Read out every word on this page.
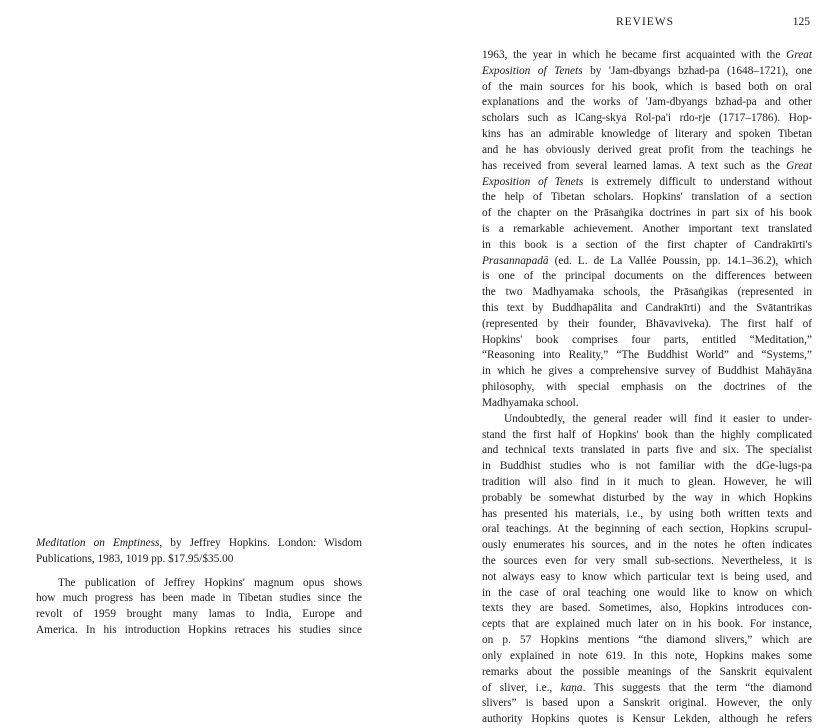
REVIEWS	125
1963, the year in which he became first acquainted with the Great
Exposition of Tenets by 'Jam-dbyangs bzhad-pa (1648–1721), one
of the main sources for his book, which is based both on oral
explanations and the works of 'Jam-dbyangs bzhad-pa and other
scholars such as lCang-skya Rol-pa'i rdo-rje (1717–1786). Hop-
kins has an admirable knowledge of literary and spoken Tibetan
and he has obviously derived great profit from the teachings he
has received from several learned lamas. A text such as the Great
Exposition of Tenets is extremely difficult to understand without
the help of Tibetan scholars. Hopkins' translation of a section
of the chapter on the Prāsaṅgika doctrines in part six of his book
is a remarkable achievement. Another important text translated
in this book is a section of the first chapter of Candrakīrti's
Prasannapadā (ed. L. de La Vallée Poussin, pp. 14.1–36.2), which
is one of the principal documents on the differences between
the two Madhyamaka schools, the Prāsaṅgikas (represented in
this text by Buddhapālita and Candrakīrti) and the Svātantrikas
(represented by their founder, Bhāvaviveka). The first half of
Hopkins' book comprises four parts, entitled “Meditation,”
“Reasoning into Reality,” “The Buddhist World” and “Systems,”
in which he gives a comprehensive survey of Buddhist Mahāyāna
philosophy, with special emphasis on the doctrines of the
Madhyamaka school.
Undoubtedly, the general reader will find it easier to under-
stand the first half of Hopkins' book than the highly complicated
and technical texts translated in parts five and six. The specialist
in Buddhist studies who is not familiar with the dGe-lugs-pa
tradition will also find in it much to glean. However, he will
probably be somewhat disturbed by the way in which Hopkins
has presented his materials, i.e., by using both written texts and
oral teachings. At the beginning of each section, Hopkins scrupul-
ously enumerates his sources, and in the notes he often indicates
the sources even for very small sub-sections. Nevertheless, it is
not always easy to know which particular text is being used, and
in the case of oral teaching one would like to know on which
texts they are based. Sometimes, also, Hopkins introduces con-
cepts that are explained much later on in his book. For instance,
on p. 57 Hopkins mentions “the diamond slivers,” which are
only explained in note 619. In this note, Hopkins makes some
remarks about the possible meanings of the Sanskrit equivalent
of sliver, i.e., kaṇa. This suggests that the term “the diamond
slivers” is based upon a Sanskrit original. However, the only
authority Hopkins quotes is Kensur Lekden, although he refers
Meditation on Emptiness, by Jeffrey Hopkins. London: Wisdom
Publications, 1983, 1019 pp. $17.95/$35.00
The publication of Jeffrey Hopkins' magnum opus shows
how much progress has been made in Tibetan studies since the
revolt of 1959 brought many lamas to India, Europe and
America. In his introduction Hopkins retraces his studies since
